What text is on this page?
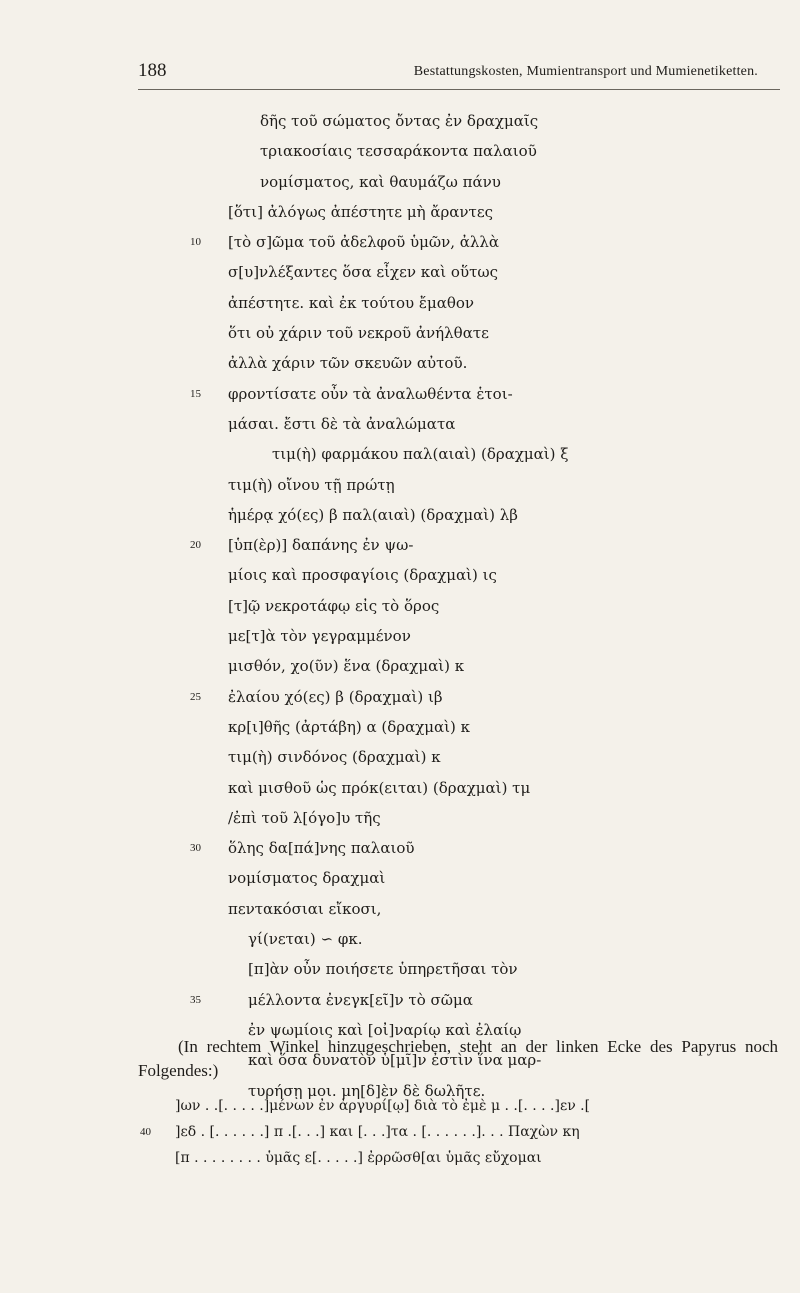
188	Bestattungskosten, Mumientransport und Mumienetiketten.
δῆς τοῦ σώματος ὄντας ἐν δραχμαῖς
τριακοσίαις τεσσαράκοντα παλαιοῦ
νομίσματος, καὶ θαυμάζω πάνυ
[ὅτι] ἀλόγως ἀπέστητε μὴ ἄραντες
10 [τὸ σ]ῶμα τοῦ ἀδελφοῦ ὑμῶν, ἀλλὰ
σ[υ]νλέξαντες ὅσα εἶχεν καὶ οὕτως
ἀπέστητε. καὶ ἐκ τούτου ἔμαθον
ὅτι οὐ χάριν τοῦ νεκροῦ ἀνήλθατε
ἀλλὰ χάριν τῶν σκευῶν αὐτοῦ.
15 φροντίσατε οὖν τὰ ἀναλωθέντα ἑτοι-
μάσαι. ἔστι δὲ τὰ ἀναλώματα
τιμ(ὴ) φαρμάκου παλ(αιαὶ) (δραχμαὶ) ξ
τιμ(ὴ) οἴνου τῇ πρώτῃ
ἡμέρᾳ χό(ες) β παλ(αιαὶ) (δραχμαὶ) λβ
20 [ὑπ(ὲρ)] δαπάνης ἐν ψω-
μίοις καὶ προσφαγίοις (δραχμαὶ) ις
[τ]ῷ νεκροτάφῳ εἰς τὸ ὅρος
με[τ]ὰ τὸν γεγραμμένον
μισθόν, χο(ῦν) ἕνα (δραχμαὶ) κ
25 ἐλαίου χό(ες) β (δραχμαὶ) ιβ
κρ[ι]θῆς (ἀρτάβη) α (δραχμαὶ) κ
τιμ(ὴ) σινδόνος (δραχμαὶ) κ
καὶ μισθοῦ ὡς πρόκ(ειται) (δραχμαὶ) τμ
/ἐπὶ τοῦ λ[όγο]υ τῆς
30 ὅλης δα[πά]νης παλαιοῦ
νομίσματος δραχμαὶ
πεντακόσιαι εἴκοσι,
γί(νεται) ∽ φκ.
[π]ὰν οὖν ποιήσετε ὑπηρετῆσαι τὸν
35	μέλλοντα ἐνεγκ[εῖ]ν τὸ σῶμα
ἐν ψωμίοις καὶ [οἰ]ναρίῳ καὶ ἐλαίῳ
καὶ ὅσα δυνατὸν ὑ[μῖ]ν ἐστὶν ἵνα μαρ-
τυρήσῃ μοι. μη[δ]ὲν δὲ δωλῆτε.
(In rechtem Winkel hinzugeschrieben, steht an der linken Ecke des Papyrus noch Folgendes:)
]ων . .[. . . . .]μένων ἐν ἀργυρί[ῳ] διὰ τὸ ἐμὲ μ . .[. . . .]εν .[
40 ]εδ . [. . . . . .] π .[. . .] και [. . .]τα . [. . . . . .]. . . Παχὼν κη
[π . . . . . . . . ὑμᾶς ε[. . . . .] ἐρρῶσθ[αι ὑμᾶς εὔχομαι
